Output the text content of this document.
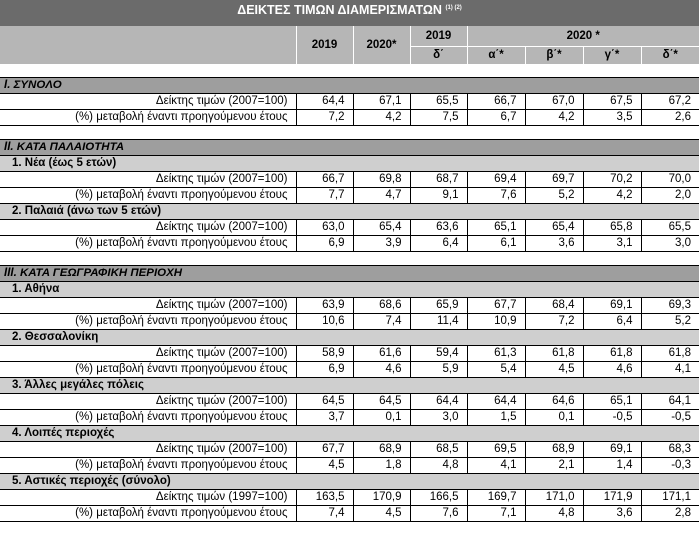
ΔΕΙΚΤΕΣ ΤΙΜΩΝ ΔΙΑΜΕΡΙΣΜΑΤΩΝ $^{(1) (2)}$
	2019	2020*	2019	2020 *			
			δ΄	α΄*	β΄*	γ΄*	δ΄*

I. ΣΥΝΟΛΟ							
Δείκτης τιμών (2007=100)	64,4	67,1	65,5	66,7	67,0	67,5	67,2
(%) μεταβολή έναντι προηγούμενου έτους	7,2	4,2	7,5	6,7	4,2	3,5	2,6

II. ΚΑΤΑ ΠΑΛΑΙΟΤΗΤΑ							
1. Νέα (έως 5 ετών)							
Δείκτης τιμών (2007=100)	66,7	69,8	68,7	69,4	69,7	70,2	70,0
(%) μεταβολή έναντι προηγούμενου έτους	7,7	4,7	9,1	7,6	5,2	4,2	2,0
2. Παλαιά (άνω των 5 ετών)							
Δείκτης τιμών (2007=100)	63,0	65,4	63,6	65,1	65,4	65,8	65,5
(%) μεταβολή έναντι προηγούμενου έτους	6,9	3,9	6,4	6,1	3,6	3,1	3,0

III. ΚΑΤΑ ΓΕΩΓΡΑΦΙΚΗ ΠΕΡΙΟΧΗ							
1. Αθήνα							
Δείκτης τιμών (2007=100)	63,9	68,6	65,9	67,7	68,4	69,1	69,3
(%) μεταβολή έναντι προηγούμενου έτους	10,6	7,4	11,4	10,9	7,2	6,4	5,2
2. Θεσσαλονίκη							
Δείκτης τιμών (2007=100)	58,9	61,6	59,4	61,3	61,8	61,8	61,8
(%) μεταβολή έναντι προηγούμενου έτους	6,9	4,6	5,9	5,4	4,5	4,6	4,1
3. Άλλες μεγάλες πόλεις							
Δείκτης τιμών (2007=100)	64,5	64,5	64,4	64,4	64,6	65,1	64,1
(%) μεταβολή έναντι προηγούμενου έτους	3,7	0,1	3,0	1,5	0,1	-0,5	-0,5
4. Λοιπές περιοχές							
Δείκτης τιμών (2007=100)	67,7	68,9	68,5	69,5	68,9	69,1	68,3
(%) μεταβολή έναντι προηγούμενου έτους	4,5	1,8	4,8	4,1	2,1	1,4	-0,3
5. Αστικές περιοχές (σύνολο)							
Δείκτης τιμών (1997=100)	163,5	170,9	166,5	169,7	171,0	171,9	171,1
(%) μεταβολή έναντι προηγούμενου έτους	7,4	4,5	7,6	7,1	4,8	3,6	2,8
